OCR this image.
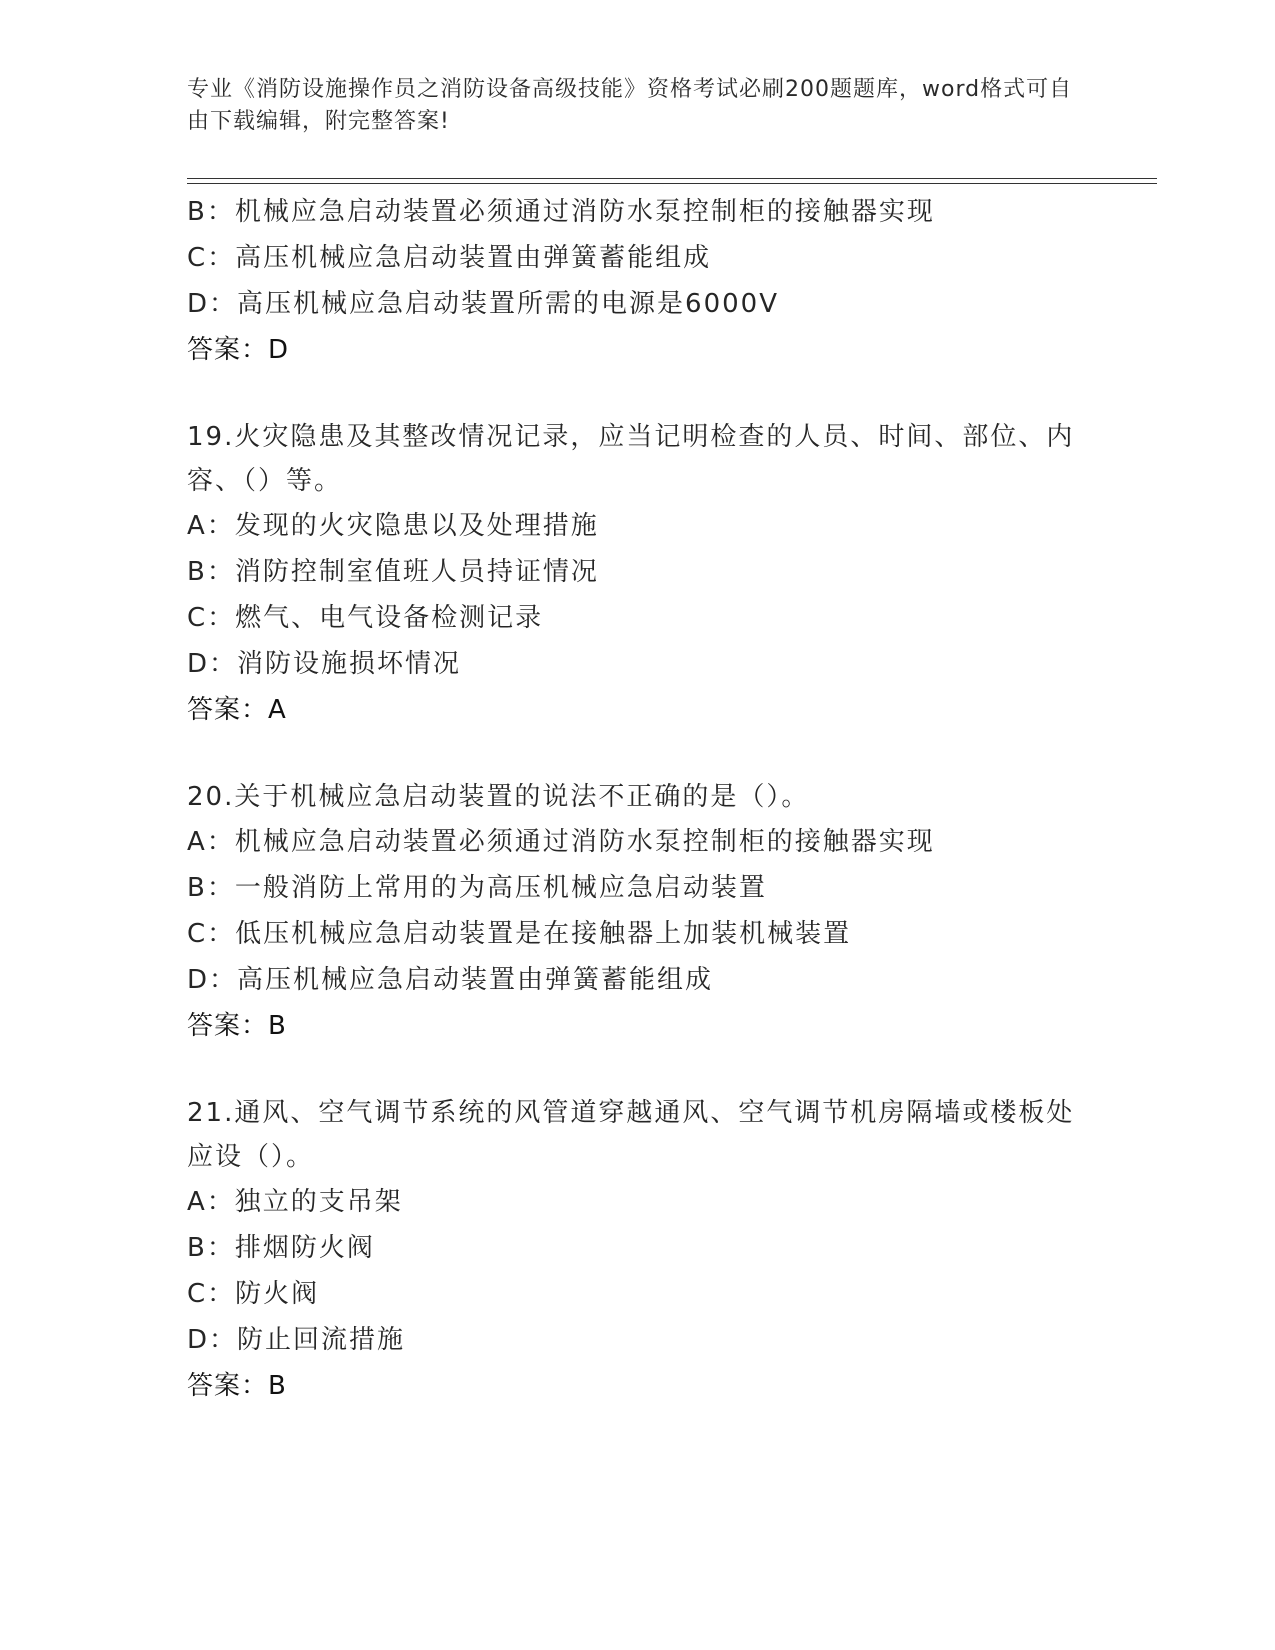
专业《消防设施操作员之消防设备高级技能》资格考试必刷200题题库，word格式可自由下载编辑，附完整答案!
B：机械应急启动装置必须通过消防水泵控制柜的接触器实现
C：高压机械应急启动装置由弹簧蓄能组成
D：高压机械应急启动装置所需的电源是6000V
答案：D
19.火灾隐患及其整改情况记录，应当记明检查的人员、时间、部位、内容、（）等。
A：发现的火灾隐患以及处理措施
B：消防控制室值班人员持证情况
C：燃气、电气设备检测记录
D：消防设施损坏情况
答案：A
20.关于机械应急启动装置的说法不正确的是（）。
A：机械应急启动装置必须通过消防水泵控制柜的接触器实现
B：一般消防上常用的为高压机械应急启动装置
C：低压机械应急启动装置是在接触器上加装机械装置
D：高压机械应急启动装置由弹簧蓄能组成
答案：B
21.通风、空气调节系统的风管道穿越通风、空气调节机房隔墙或楼板处应设（）。
A：独立的支吊架
B：排烟防火阀
C：防火阀
D：防止回流措施
答案：B
